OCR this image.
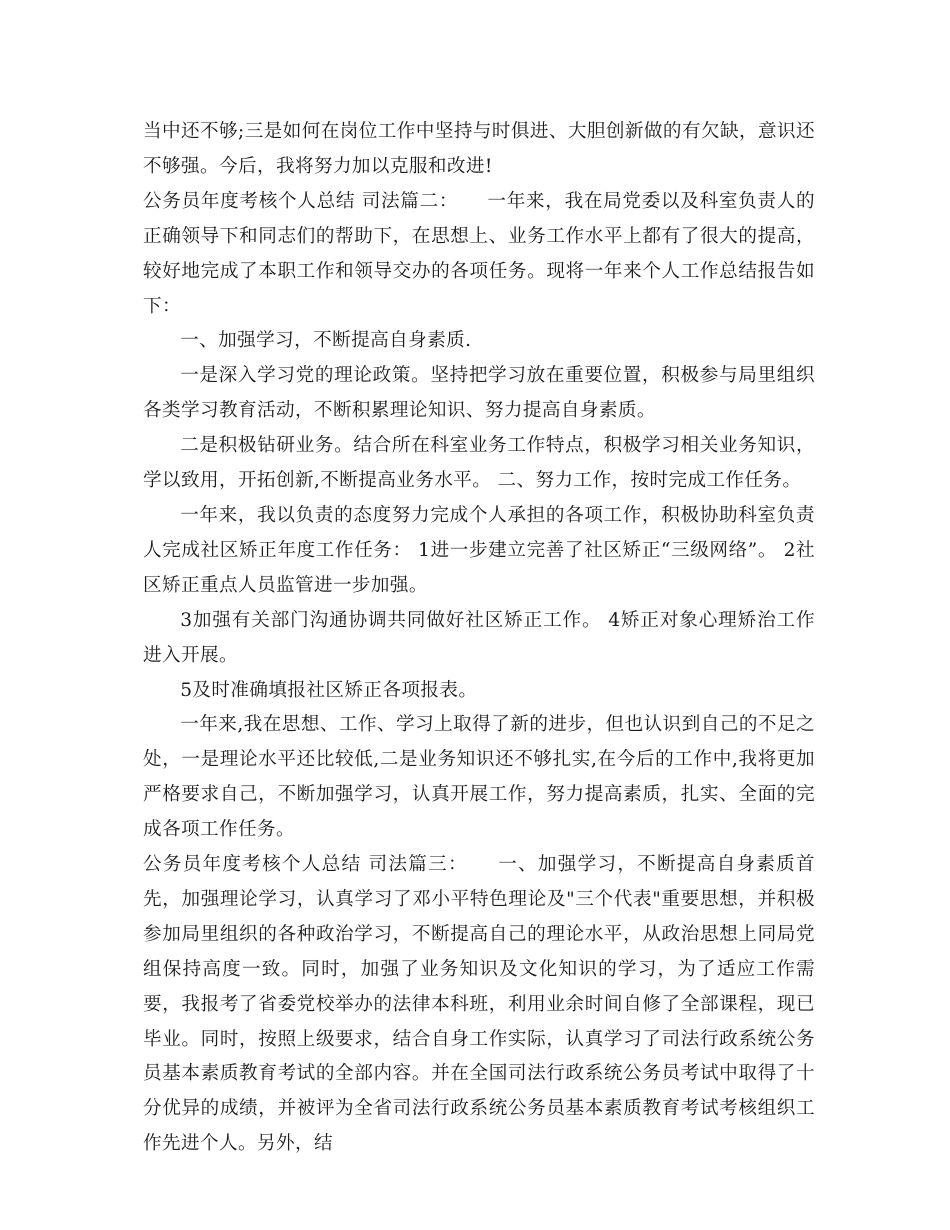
当中还不够;三是如何在岗位工作中坚持与时俱进、大胆创新做的有欠缺，意识还不够强。今后，我将努力加以克服和改进!

公务员年度考核个人总结 司法篇二：　　一年来，我在局党委以及科室负责人的正确领导下和同志们的帮助下，在思想上、业务工作水平上都有了很大的提高，较好地完成了本职工作和领导交办的各项任务。现将一年来个人工作总结报告如下：

一、加强学习，不断提高自身素质.

一是深入学习党的理论政策。坚持把学习放在重要位置，积极参与局里组织各类学习教育活动，不断积累理论知识、努力提高自身素质。

二是积极钻研业务。结合所在科室业务工作特点，积极学习相关业务知识，学以致用，开拓创新,不断提高业务水平。 二、努力工作，按时完成工作任务。

一年来，我以负责的态度努力完成个人承担的各项工作，积极协助科室负责人完成社区矫正年度工作任务： 1进一步建立完善了社区矫正“三级网络”。 2社区矫正重点人员监管进一步加强。

3加强有关部门沟通协调共同做好社区矫正工作。 4矫正对象心理矫治工作进入开展。

5及时准确填报社区矫正各项报表。

一年来,我在思想、工作、学习上取得了新的进步，但也认识到自己的不足之处，一是理论水平还比较低,二是业务知识还不够扎实,在今后的工作中,我将更加严格要求自己，不断加强学习，认真开展工作，努力提高素质，扎实、全面的完成各项工作任务。

公务员年度考核个人总结 司法篇三：　　一、加强学习，不断提高自身素质首先，加强理论学习，认真学习了邓小平特色理论及"三个代表"重要思想，并积极参加局里组织的各种政治学习，不断提高自己的理论水平，从政治思想上同局党组保持高度一致。同时，加强了业务知识及文化知识的学习，为了适应工作需要，我报考了省委党校举办的法律本科班，利用业余时间自修了全部课程，现已毕业。同时，按照上级要求，结合自身工作实际，认真学习了司法行政系统公务员基本素质教育考试的全部内容。并在全国司法行政系统公务员考试中取得了十分优异的成绩，并被评为全省司法行政系统公务员基本素质教育考试考核组织工作先进个人。另外，结
